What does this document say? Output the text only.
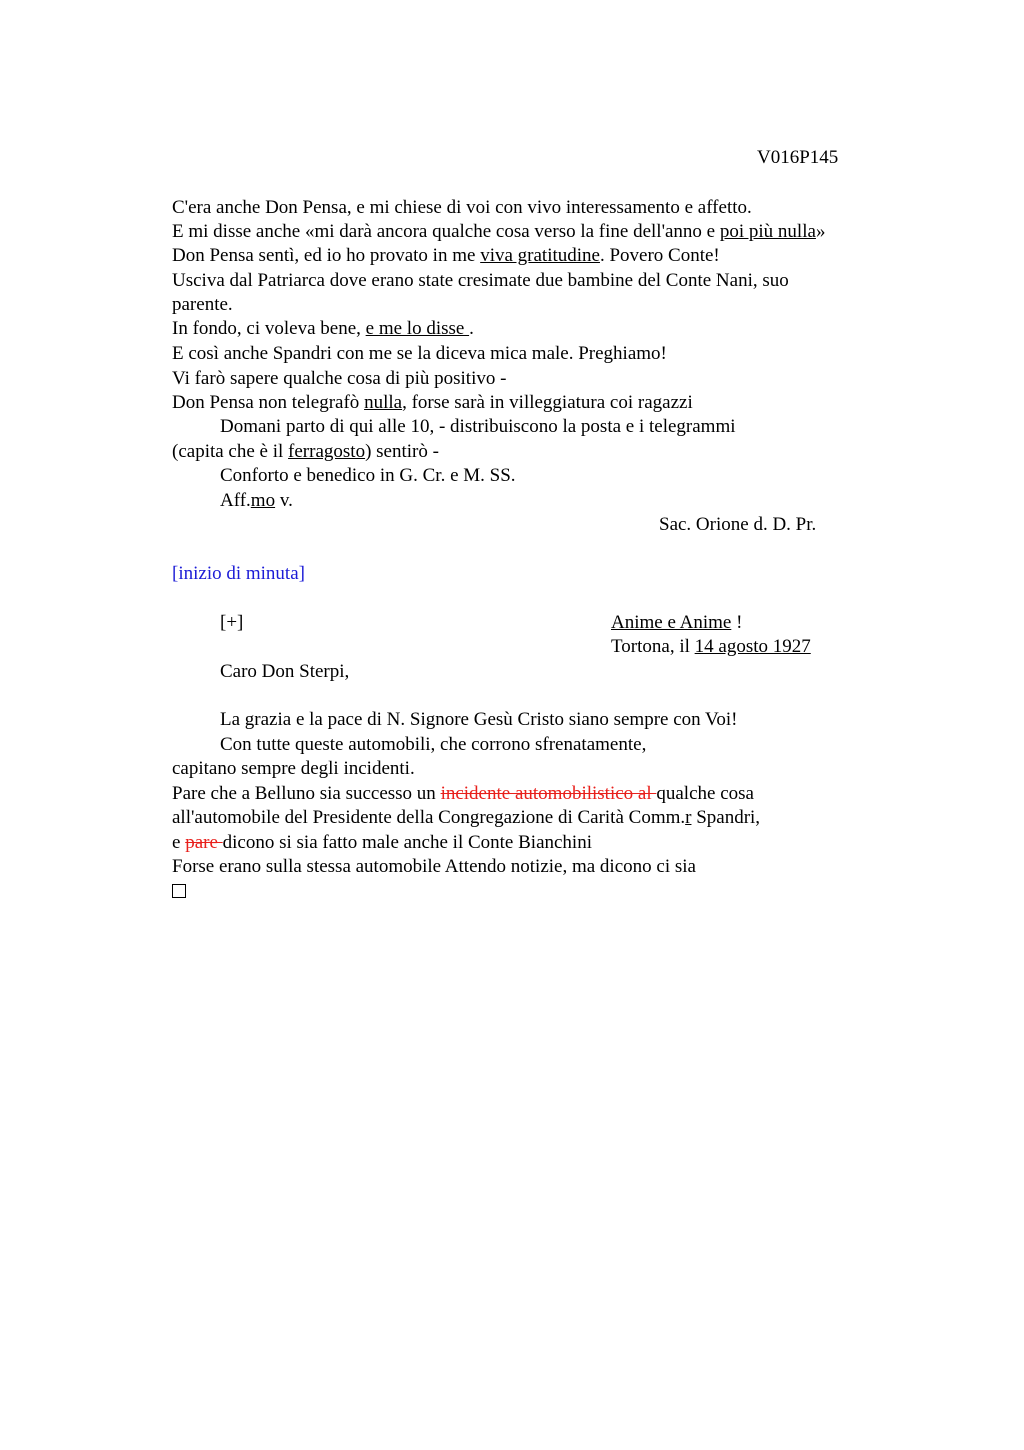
V016P145
C'era anche Don Pensa, e mi chiese di voi con vivo interessamento e affetto.
E mi disse anche «mi darà ancora qualche cosa verso la fine dell'anno e poi più nulla»
Don Pensa sentì, ed io ho provato in me viva gratitudine. Povero Conte!
Usciva dal Patriarca dove erano state cresimate due bambine del Conte Nani, suo
parente.
In fondo, ci voleva bene, e me lo disse .
E così anche Spandri con me se la diceva mica male. Preghiamo!
Vi farò sapere qualche cosa di più positivo -
Don Pensa non telegrafò nulla, forse sarà in villeggiatura coi ragazzi
Domani parto di qui alle 10, - distribuiscono la posta e i telegrammi
(capita che è il ferragosto) sentirò -
Conforto e benedico in G. Cr. e M. SS.
Aff.mo v.
Sac. Orione d. D. Pr.
[inizio di minuta]
[+]	Anime e Anime !
Tortona, il 14 agosto 1927
Caro Don Sterpi,
La grazia e la pace di N. Signore Gesù Cristo siano sempre con Voi!
Con tutte queste automobili, che corrono sfrenatamente,
capitano sempre degli incidenti.
Pare che a Belluno sia successo un incidente automobilistico al qualche cosa
all'automobile del Presidente della Congregazione di Carità Comm.r Spandri,
e pare dicono si sia fatto male anche il Conte Bianchini
Forse erano sulla stessa automobile Attendo notizie, ma dicono ci sia
